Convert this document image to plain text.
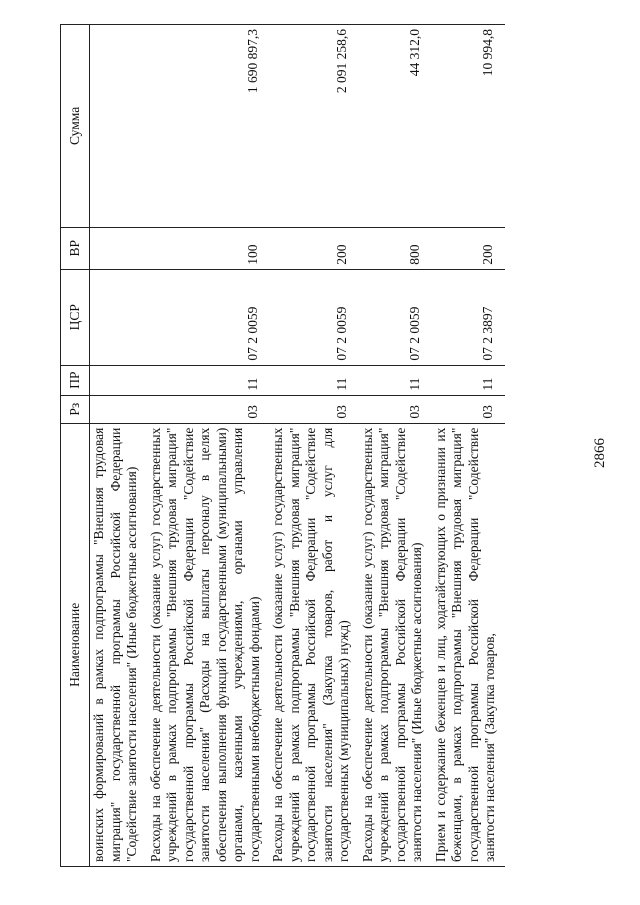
2866
Наименование	Рз	ПР	ЦСР	ВР	Сумма
воинских формирований в рамках подпрограммы "Внешняя трудовая миграция" государственной программы Российской Федерации "Содействие занятости населения" (Иные бюджетные ассигнования)					
Расходы на обеспечение деятельности (оказание услуг) государственных учреждений в рамках подпрограммы "Внешняя трудовая миграция" государственной программы Российской Федерации "Содействие занятости населения" (Расходы на выплаты персоналу в целях обеспечения выполнения функций государственными (муниципальными) органами, казенными учреждениями, органами управления государственными внебюджетными фондами)	03	11	07 2 0059	100	1 690 897,3
Расходы на обеспечение деятельности (оказание услуг) государственных учреждений в рамках подпрограммы "Внешняя трудовая миграция" государственной программы Российской Федерации "Содействие занятости населения" (Закупка товаров, работ и услуг для государственных (муниципальных) нужд)	03	11	07 2 0059	200	2 091 258,6
Расходы на обеспечение деятельности (оказание услуг) государственных учреждений в рамках подпрограммы "Внешняя трудовая миграция" государственной программы Российской Федерации "Содействие занятости населения" (Иные бюджетные ассигнования)	03	11	07 2 0059	800	44 312,0
Прием и содержание беженцев и лиц, ходатайствующих о признании их беженцами, в рамках подпрограммы "Внешняя трудовая миграция" государственной программы Российской Федерации "Содействие занятости населения" (Закупка товаров,	03	11	07 2 3897	200	10 994,8
